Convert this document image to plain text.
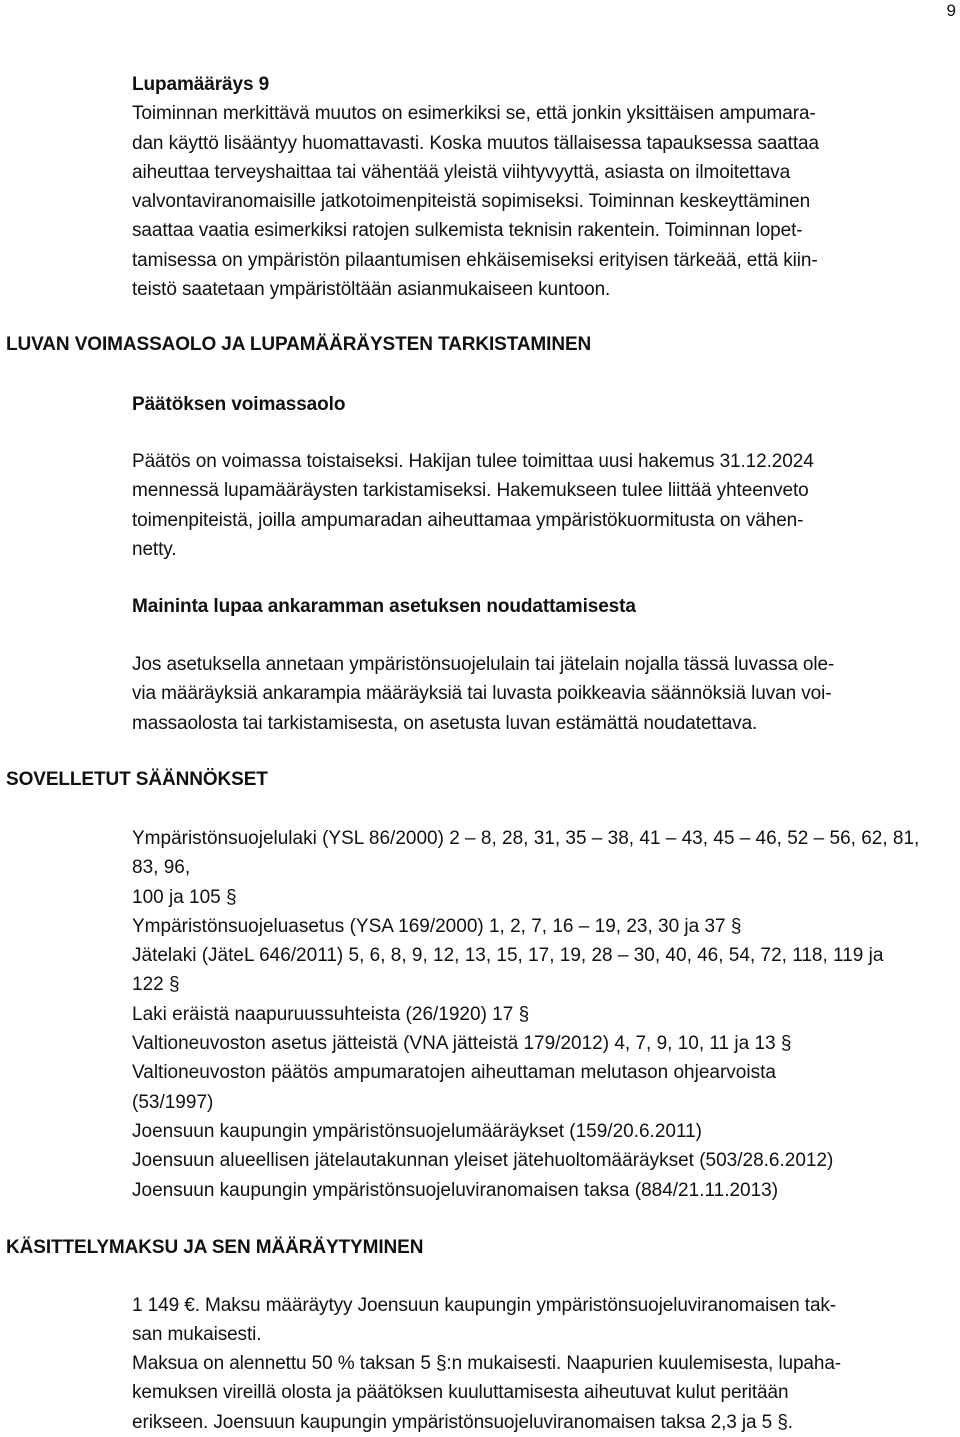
9
Lupamääräys 9
Toiminnan merkittävä muutos on esimerkiksi se, että jonkin yksittäisen ampumara-
dan käyttö lisääntyy huomattavasti. Koska muutos tällaisessa tapauksessa saattaa
aiheuttaa terveyshaittaa tai vähentää yleistä viihtyvyyttä, asiasta on ilmoitettava
valvontaviranomaisille jatkotoimenpiteistä sopimiseksi. Toiminnan keskeyttäminen
saattaa vaatia esimerkiksi ratojen sulkemista teknisin rakentein. Toiminnan lopet-
tamisessa on ympäristön pilaantumisen ehkäisemiseksi erityisen tärkeää, että kiin-
teistö saatetaan ympäristöltään asianmukaiseen kuntoon.
LUVAN VOIMASSAOLO JA LUPAMÄÄRÄYSTEN TARKISTAMINEN
Päätöksen voimassaolo
Päätös on voimassa toistaiseksi. Hakijan tulee toimittaa uusi hakemus 31.12.2024
mennessä lupamääräysten tarkistamiseksi. Hakemukseen tulee liittää yhteenveto
toimenpiteistä, joilla ampumaradan aiheuttamaa ympäristökuormitusta on vähen-
netty.
Maininta lupaa ankaramman asetuksen noudattamisesta
Jos asetuksella annetaan ympäristönsuojelulain tai jätelain nojalla tässä luvassa ole-
via määräyksiä ankarampia määräyksiä tai luvasta poikkeavia säännöksiä luvan voi-
massaolosta tai tarkistamisesta, on asetusta luvan estämättä noudatettava.
SOVELLETUT SÄÄNNÖKSET
Ympäristönsuojelulaki (YSL 86/2000) 2 – 8, 28, 31, 35 – 38, 41 – 43, 45 – 46, 52 – 56, 62, 81,
83, 96,
100 ja 105 §
Ympäristönsuojeluasetus (YSA 169/2000) 1, 2, 7, 16 – 19, 23, 30 ja 37 §
Jätelaki (JäteL 646/2011) 5, 6, 8, 9, 12, 13, 15, 17, 19, 28 – 30, 40, 46, 54, 72, 118, 119 ja
122 §
Laki eräistä naapuruussuhteista (26/1920) 17 §
Valtioneuvoston asetus jätteistä (VNA jätteistä 179/2012) 4, 7, 9, 10, 11 ja 13 §
Valtioneuvoston päätös ampumaratojen aiheuttaman melutason ohjearvoista
(53/1997)
Joensuun kaupungin ympäristönsuojelumääräykset (159/20.6.2011)
Joensuun alueellisen jätelautakunnan yleiset jätehuoltomääräykset (503/28.6.2012)
Joensuun kaupungin ympäristönsuojeluviranomaisen taksa (884/21.11.2013)
KÄSITTELYMAKSU JA SEN MÄÄRÄYTYMINEN
1 149 €. Maksu määräytyy Joensuun kaupungin ympäristönsuojeluviranomaisen tak-
san mukaisesti.
Maksua on alennettu 50 % taksan 5 §:n mukaisesti. Naapurien kuulemisesta, lupaha-
kemuksen vireillä olosta ja päätöksen kuuluttamisesta aiheutuvat kulut peritään
erikseen. Joensuun kaupungin ympäristönsuojeluviranomaisen taksa 2,3 ja 5 §.
